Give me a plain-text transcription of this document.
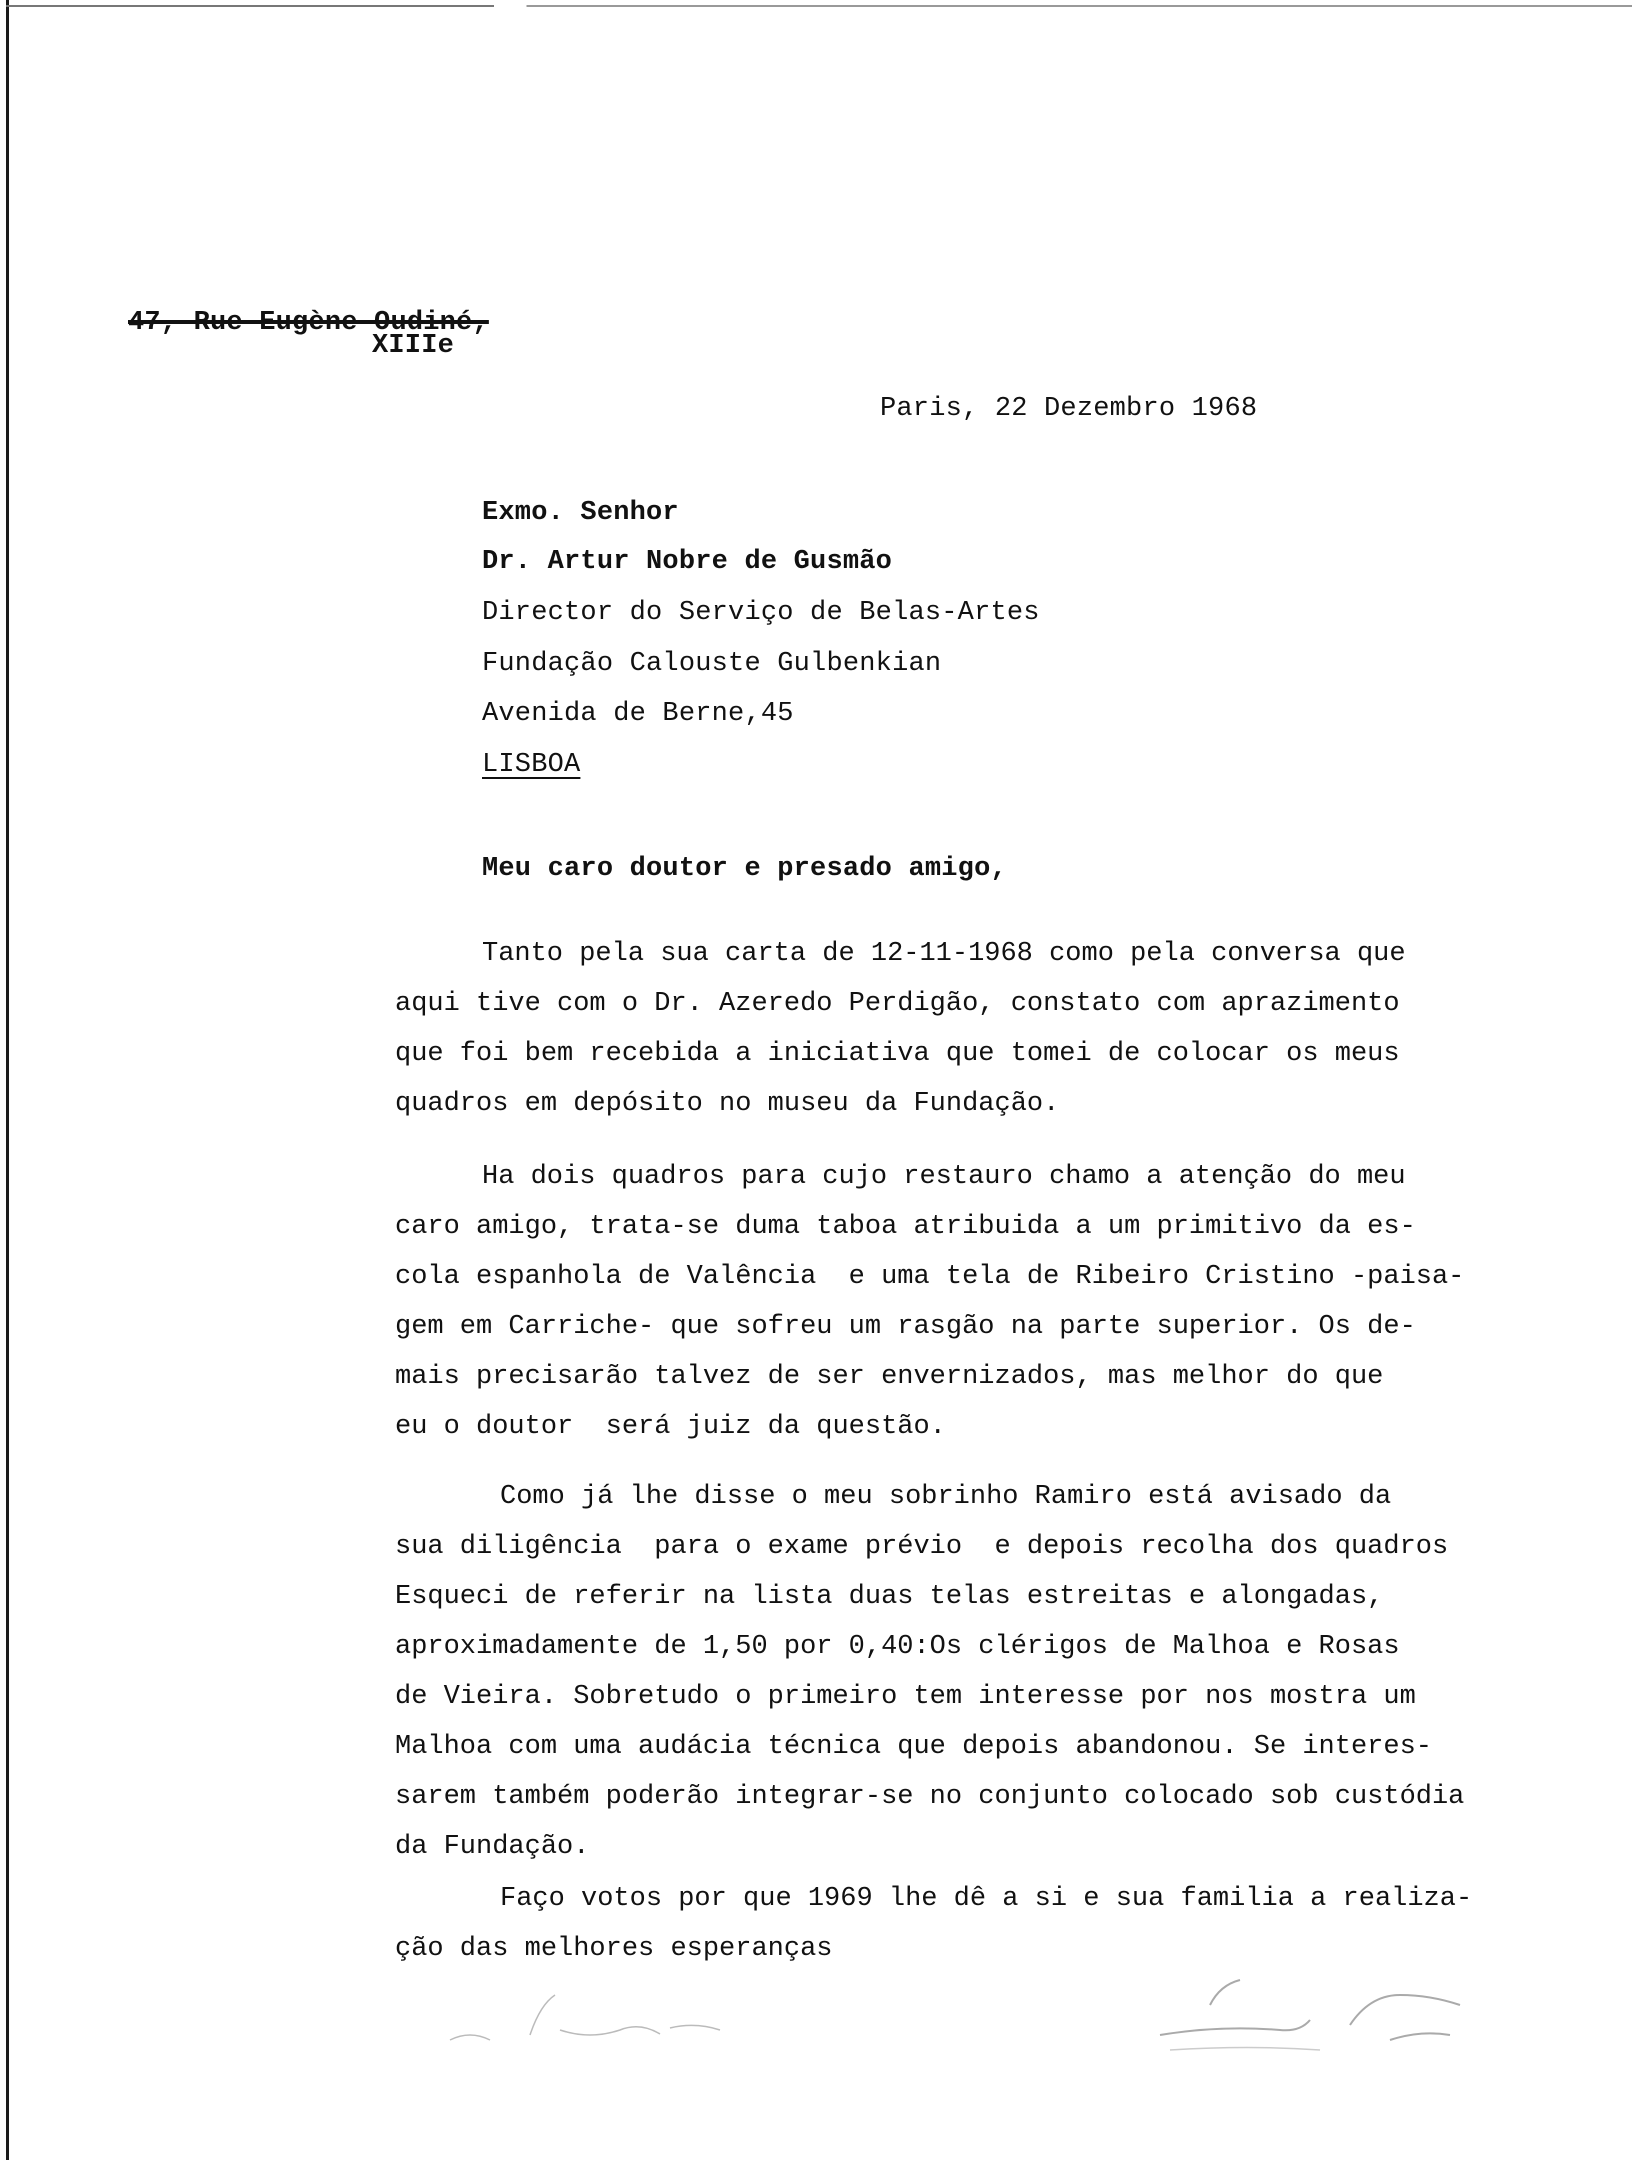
47, Rue Eugène Oudiné,
XIIIe
Paris, 22 Dezembro 1968
Exmo. Senhor
Dr. Artur Nobre de Gusmão
Director do Serviço de Belas-Artes
Fundação Calouste Gulbenkian
Avenida de Berne,45
LISBOA
Meu caro doutor e presado amigo,
Tanto pela sua carta de 12-11-1968 como pela conversa que
aqui tive com o Dr. Azeredo Perdigão, constato com aprazimento
que foi bem recebida a iniciativa que tomei de colocar os meus
quadros em depósito no museu da Fundação.
Ha dois quadros para cujo restauro chamo a atenção do meu
caro amigo, trata-se duma taboa atribuida a um primitivo da es-
cola espanhola de Valência  e uma tela de Ribeiro Cristino -paisa-
gem em Carriche- que sofreu um rasgão na parte superior. Os de-
mais precisarão talvez de ser envernizados, mas melhor do que
eu o doutor  será juiz da questão.
Como já lhe disse o meu sobrinho Ramiro está avisado da
sua diligência  para o exame prévio  e depois recolha dos quadros
Esqueci de referir na lista duas telas estreitas e alongadas,
aproximadamente de 1,50 por 0,40:Os clérigos de Malhoa e Rosas
de Vieira. Sobretudo o primeiro tem interesse por nos mostra um
Malhoa com uma audácia técnica que depois abandonou. Se interes-
sarem também poderão integrar-se no conjunto colocado sob custódia
da Fundação.
Faço votos por que 1969 lhe dê a si e sua familia a realiza-
ção das melhores esperanças
